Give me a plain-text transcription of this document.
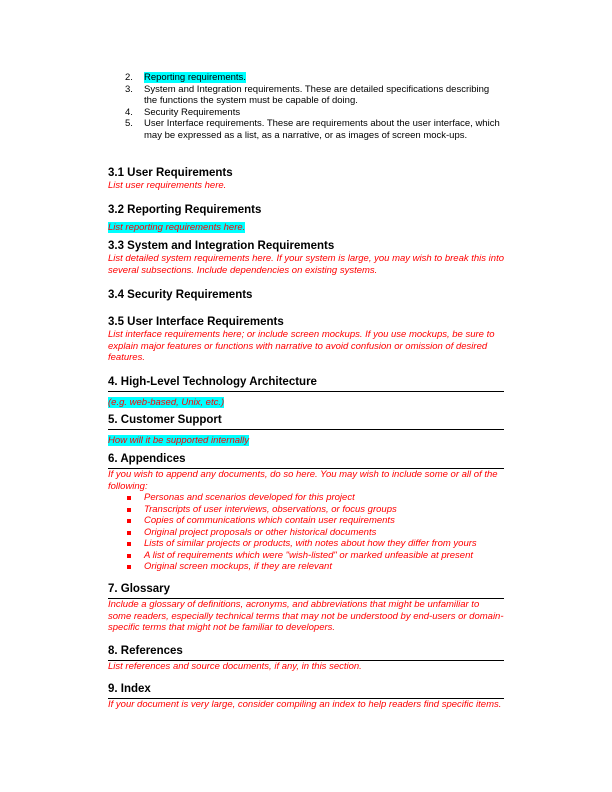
2. Reporting requirements.
3. System and Integration requirements. These are detailed specifications describing the functions the system must be capable of doing.
4. Security Requirements
5. User Interface requirements. These are requirements about the user interface, which may be expressed as a list, as a narrative, or as images of screen mock-ups.
3.1 User Requirements
List user requirements here.
3.2 Reporting Requirements
List reporting requirements here.
3.3 System and Integration Requirements
List detailed system requirements here. If your system is large, you may wish to break this into several subsections. Include dependencies on existing systems.
3.4 Security Requirements
3.5 User Interface Requirements
List interface requirements here; or include screen mockups. If you use mockups, be sure to explain major features or functions with narrative to avoid confusion or omission of desired features.
4. High-Level Technology Architecture
(e.g. web-based, Unix, etc.)
5. Customer Support
How will it be supported internally
6. Appendices
If you wish to append any documents, do so here. You may wish to include some or all of the following:
Personas and scenarios developed for this project
Transcripts of user interviews, observations, or focus groups
Copies of communications which contain user requirements
Original project proposals or other historical documents
Lists of similar projects or products, with notes about how they differ from yours
A list of requirements which were "wish-listed" or marked unfeasible at present
Original screen mockups, if they are relevant
7. Glossary
Include a glossary of definitions, acronyms, and abbreviations that might be unfamiliar to some readers, especially technical terms that may not be understood by end-users or domain-specific terms that might not be familiar to developers.
8. References
List references and source documents, if any, in this section.
9. Index
If your document is very large, consider compiling an index to help readers find specific items.
